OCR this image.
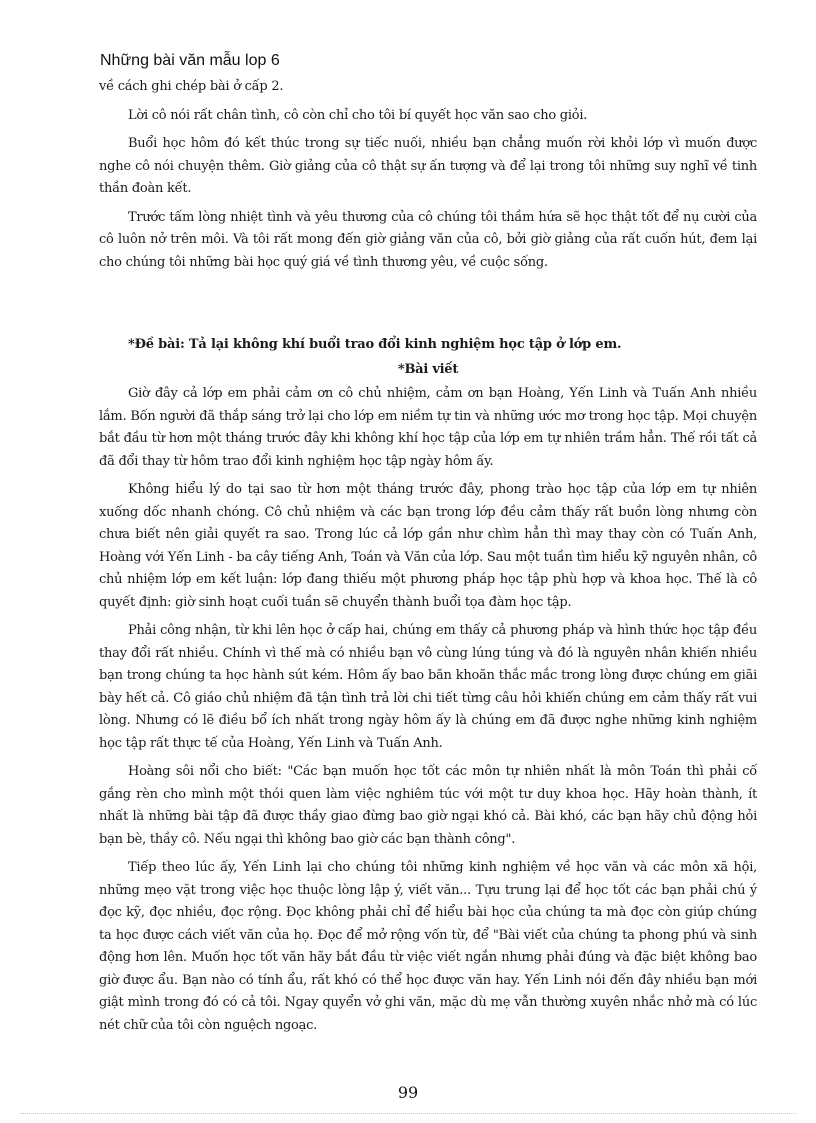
Những bài văn mẫu lop 6

về cách ghi chép bài ở cấp 2.

Lời cô nói rất chân tình, cô còn chỉ cho tôi bí quyết học văn sao cho giỏi.

Buổi học hôm đó kết thúc trong sự tiếc nuối, nhiều bạn chẳng muốn rời khỏi lớp vì muốn được nghe cô nói chuyện thêm. Giờ giảng của cô thật sự ấn tượng và để lại trong tôi những suy nghĩ về tinh thần đoàn kết.

Trước tấm lòng nhiệt tình và yêu thương của cô chúng tôi thầm hứa sẽ học thật tốt để nụ cười của cô luôn nở trên môi. Và tôi rất mong đến giờ giảng văn của cô, bởi giờ giảng của rất cuốn hút, đem lại cho chúng tôi những bài học quý giá về tình thương yêu, về cuộc sống.

*Đề bài: Tả lại không khí buổi trao đổi kinh nghiệm học tập ở lớp em.

*Bài viết

Giờ đây cả lớp em phải cảm ơn cô chủ nhiệm, cảm ơn bạn Hoàng, Yến Linh và Tuấn Anh nhiều lắm. Bốn người đã thắp sáng trở lại cho lớp em niềm tự tin và những ước mơ trong học tập. Mọi chuyện bắt đầu từ hơn một tháng trước đây khi không khí học tập của lớp em tự nhiên trầm hẳn. Thế rồi tất cả đã đổi thay từ hôm trao đổi kinh nghiệm học tập ngày hôm ấy.

Không hiểu lý do tại sao từ hơn một tháng trước đây, phong trào học tập của lớp em tự nhiên xuống dốc nhanh chóng. Cô chủ nhiệm và các bạn trong lớp đều cảm thấy rất buồn lòng nhưng còn chưa biết nên giải quyết ra sao. Trong lúc cả lớp gần như chìm hẳn thì may thay còn có Tuấn Anh, Hoàng với Yến Linh - ba cây tiếng Anh, Toán và Văn của lớp. Sau một tuần tìm hiểu kỹ nguyên nhân, cô chủ nhiệm lớp em kết luận: lớp đang thiếu một phương pháp học tập phù hợp và khoa học. Thế là cô quyết định: giờ sinh hoạt cuối tuần sẽ chuyển thành buổi tọa đàm học tập.

Phải công nhận, từ khi lên học ở cấp hai, chúng em thấy cả phương pháp và hình thức học tập đều thay đổi rất nhiều. Chính vì thế mà có nhiều bạn vô cùng lúng túng và đó là nguyên nhân khiến nhiều bạn trong chúng ta học hành sút kém. Hôm ấy bao băn khoăn thắc mắc trong lòng được chúng em giãi bày hết cả. Cô giáo chủ nhiệm đã tận tình trả lời chi tiết từng câu hỏi khiến chúng em cảm thấy rất vui lòng. Nhưng có lẽ điều bổ ích nhất trong ngày hôm ấy là chúng em đã được nghe những kinh nghiệm học tập rất thực tế của Hoàng, Yến Linh và Tuấn Anh.

Hoàng sôi nổi cho biết: "Các bạn muốn học tốt các môn tự nhiên nhất là môn Toán thì phải cố gắng rèn cho mình một thói quen làm việc nghiêm túc với một tư duy khoa học. Hãy hoàn thành, ít nhất là những bài tập đã được thầy giao đừng bao giờ ngại khó cả. Bài khó, các bạn hãy chủ động hỏi bạn bè, thầy cô. Nếu ngại thì không bao giờ các bạn thành công".

Tiếp theo lúc ấy, Yến Linh lại cho chúng tôi những kinh nghiệm về học văn và các môn xã hội, những mẹo vặt trong việc học thuộc lòng lập ý, viết văn... Tựu trung lại để học tốt các bạn phải chú ý đọc kỹ, đọc nhiều, đọc rộng. Đọc không phải chỉ để hiểu bài học của chúng ta mà đọc còn giúp chúng ta học được cách viết văn của họ. Đọc để mở rộng vốn từ, để "Bài viết của chúng ta phong phú và sinh động hơn lên. Muốn học tốt văn hãy bắt đầu từ việc viết ngắn nhưng phải đúng và đặc biệt không bao giờ được ẩu. Bạn nào có tính ẩu, rất khó có thể học được văn hay. Yến Linh nói đến đây nhiều bạn mới giật mình trong đó có cả tôi. Ngay quyển vở ghi văn, mặc dù mẹ vẫn thường xuyên nhắc nhở mà có lúc nét chữ của tôi còn nguệch ngoạc.

99
